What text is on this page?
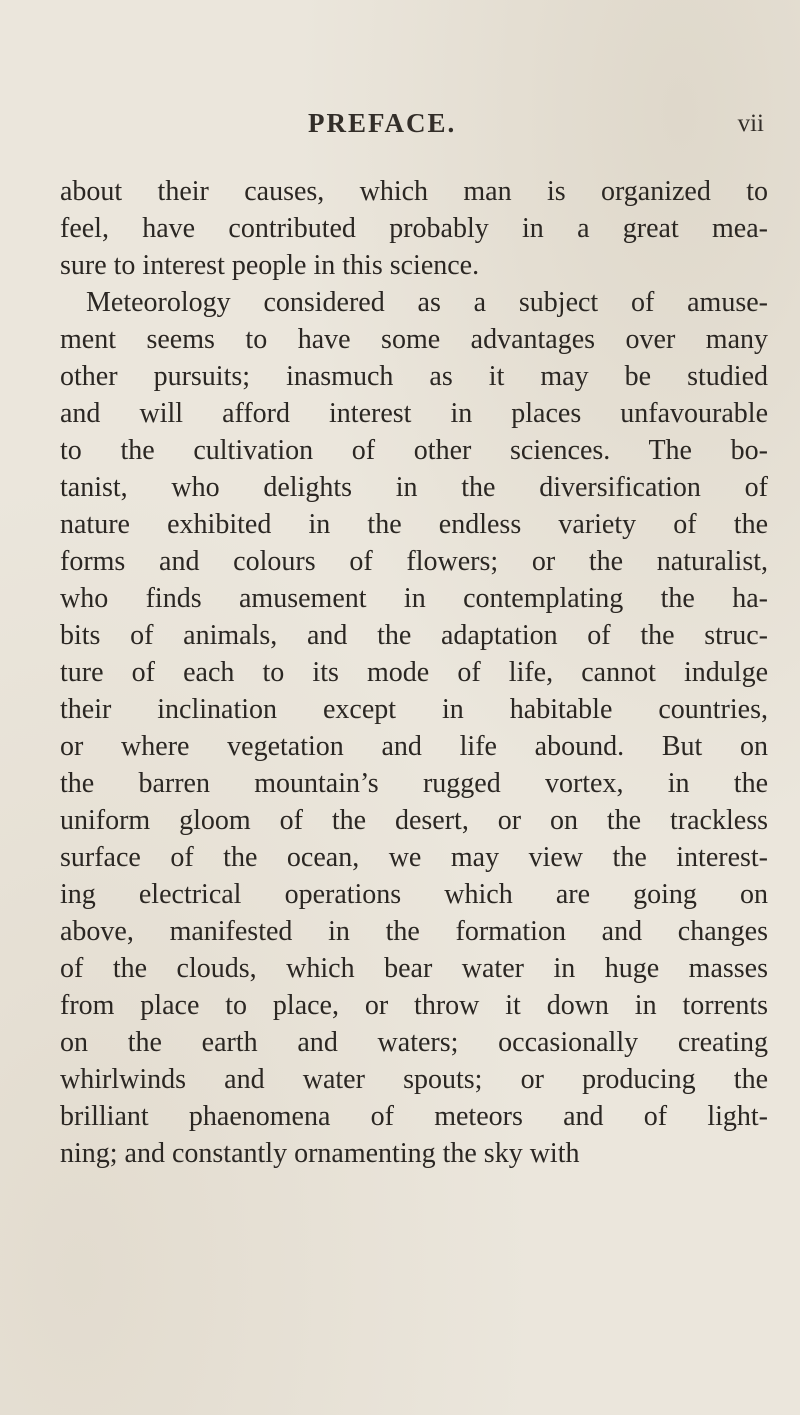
PREFACE.	vii
about their causes, which man is organized to
feel, have contributed probably in a great mea-
sure to interest people in this science.
Meteorology considered as a subject of amuse-
ment seems to have some advantages over many
other pursuits; inasmuch as it may be studied
and will afford interest in places unfavourable
to the cultivation of other sciences. The bo-
tanist, who delights in the diversification of
nature exhibited in the endless variety of the
forms and colours of flowers; or the naturalist,
who finds amusement in contemplating the ha-
bits of animals, and the adaptation of the struc-
ture of each to its mode of life, cannot indulge
their inclination except in habitable countries,
or where vegetation and life abound. But on
the barren mountain’s rugged vortex, in the
uniform gloom of the desert, or on the trackless
surface of the ocean, we may view the interest-
ing electrical operations which are going on
above, manifested in the formation and changes
of the clouds, which bear water in huge masses
from place to place, or throw it down in torrents
on the earth and waters; occasionally creating
whirlwinds and water spouts; or producing the
brilliant phaenomena of meteors and of light-
ning; and constantly ornamenting the sky with
